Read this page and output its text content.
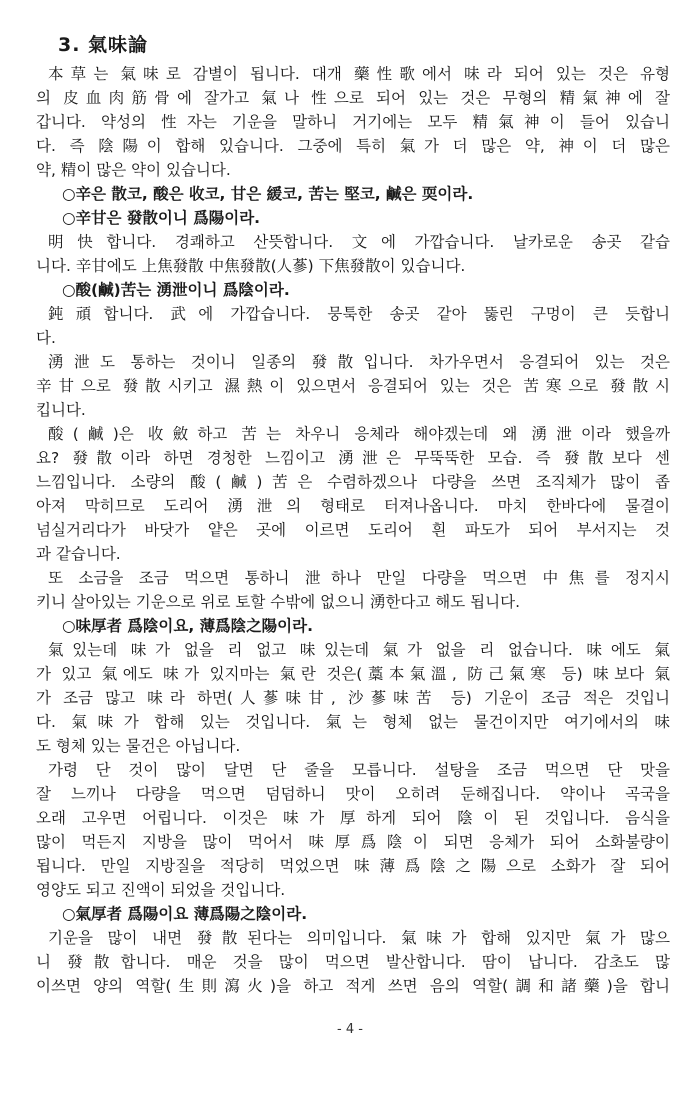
3. 氣味論
本草는 氣味로 감별이 됩니다. 대개 藥性歌에서 味라 되어 있는 것은 유형
의 皮血肉筋骨에 잘가고 氣나 性으로 되어 있는 것은 무형의 精氣神에 잘
갑니다. 약성의 性자는 기운을 말하니 거기에는 모두 精氣神이 들어 있습니
다. 즉 陰陽이 합해 있습니다. 그중에 특히 氣가 더 많은 약, 神이 더 많은
약, 精이 많은 약이 있습니다.
○辛은 散코, 酸은 收코, 甘은 緩코, 苦는 堅코, 鹹은 耎이라.
○辛甘은 發散이니 爲陽이라.
明快합니다. 경쾌하고 산뜻합니다. 文에 가깝습니다. 날카로운 송곳 같습
니다. 辛甘에도 上焦發散 中焦發散(人蔘) 下焦發散이 있습니다.
○酸(鹹)苦는 湧泄이니 爲陰이라.
鈍頑합니다. 武에 가깝습니다. 뭉툭한 송곳 같아 뚫린 구멍이 큰 듯합니
다.
湧泄도 통하는 것이니 일종의 發散입니다. 차가우면서 응결되어 있는 것은
辛甘으로 發散시키고 濕熱이 있으면서 응결되어 있는 것은 苦寒으로 發散시
킵니다.
酸(鹹)은 收斂하고 苦는 차우니 응체라 해야겠는데 왜 湧泄이라 했을까
요? 發散이라 하면 경청한 느낌이고 湧泄은 무뚝뚝한 모습. 즉 發散보다 센
느낌입니다. 소량의 酸(鹹)苦은 수렴하겠으나 다량을 쓰면 조직체가 많이 좁
아져 막히므로 도리어 湧泄의 형태로 터져나옵니다. 마치 한바다에 물결이
넘실거리다가 바닷가 얕은 곳에 이르면 도리어 흰 파도가 되어 부서지는 것
과 같습니다.
또 소금을 조금 먹으면 통하니 泄하나 만일 다량을 먹으면 中焦를 정지시
키니 살아있는 기운으로 위로 토할 수밖에 없으니 湧한다고 해도 됩니다.
○味厚者 爲陰이요, 薄爲陰之陽이라.
氣있는데 味가 없을 리 없고 味있는데 氣가 없을 리 없습니다. 味에도 氣
가 있고 氣에도 味가 있지마는 氣란 것은(藁本氣溫, 防己氣寒 등) 味보다 氣
가 조금 많고 味라 하면(人蔘味甘, 沙蔘味苦 등) 기운이 조금 적은 것입니
다. 氣味가 합해 있는 것입니다. 氣는 형체 없는 물건이지만 여기에서의 味
도 형체 있는 물건은 아닙니다.
가령 단 것이 많이 달면 단 줄을 모릅니다. 설탕을 조금 먹으면 단 맛을
잘 느끼나 다량을 먹으면 덤덤하니 맛이 오히려 둔해집니다. 약이나 곡국을
오래 고우면 어립니다. 이것은 味가 厚하게 되어 陰이 된 것입니다. 음식을
많이 먹든지 지방을 많이 먹어서 味厚爲陰이 되면 응체가 되어 소화불량이
됩니다. 만일 지방질을 적당히 먹었으면 味薄爲陰之陽으로 소화가 잘 되어
영양도 되고 진액이 되었을 것입니다.
○氣厚者 爲陽이요 薄爲陽之陰이라.
기운을 많이 내면 發散된다는 의미입니다. 氣味가 합해 있지만 氣가 많으
니 發散합니다. 매운 것을 많이 먹으면 발산합니다. 땀이 납니다. 감초도 많
이쓰면 양의 역할(生則瀉火)을 하고 적게 쓰면 음의 역할(調和諸藥)을 합니
- 4 -
